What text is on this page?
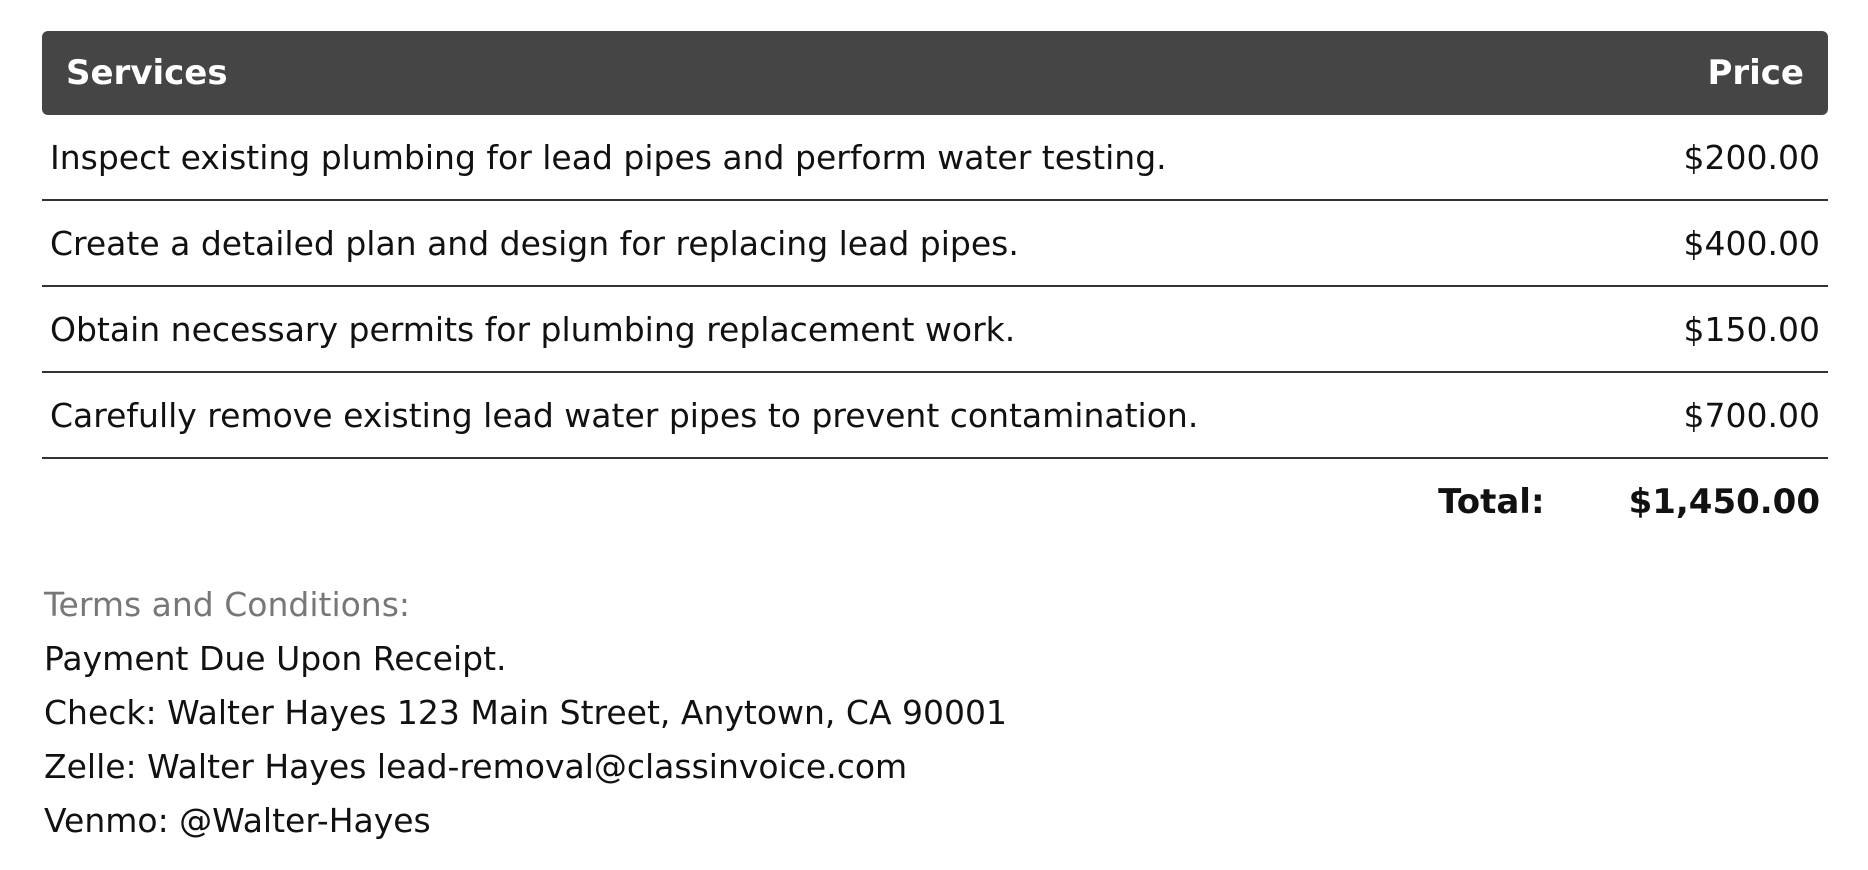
Services	Price
Inspect existing plumbing for lead pipes and perform water testing.	$200.00
Create a detailed plan and design for replacing lead pipes.	$400.00
Obtain necessary permits for plumbing replacement work.	$150.00
Carefully remove existing lead water pipes to prevent contamination.	$700.00
Total: $1,450.00
Terms and Conditions:
Payment Due Upon Receipt.
Check: Walter Hayes 123 Main Street, Anytown, CA 90001
Zelle: Walter Hayes lead-removal@classinvoice.com
Venmo: @Walter-Hayes
